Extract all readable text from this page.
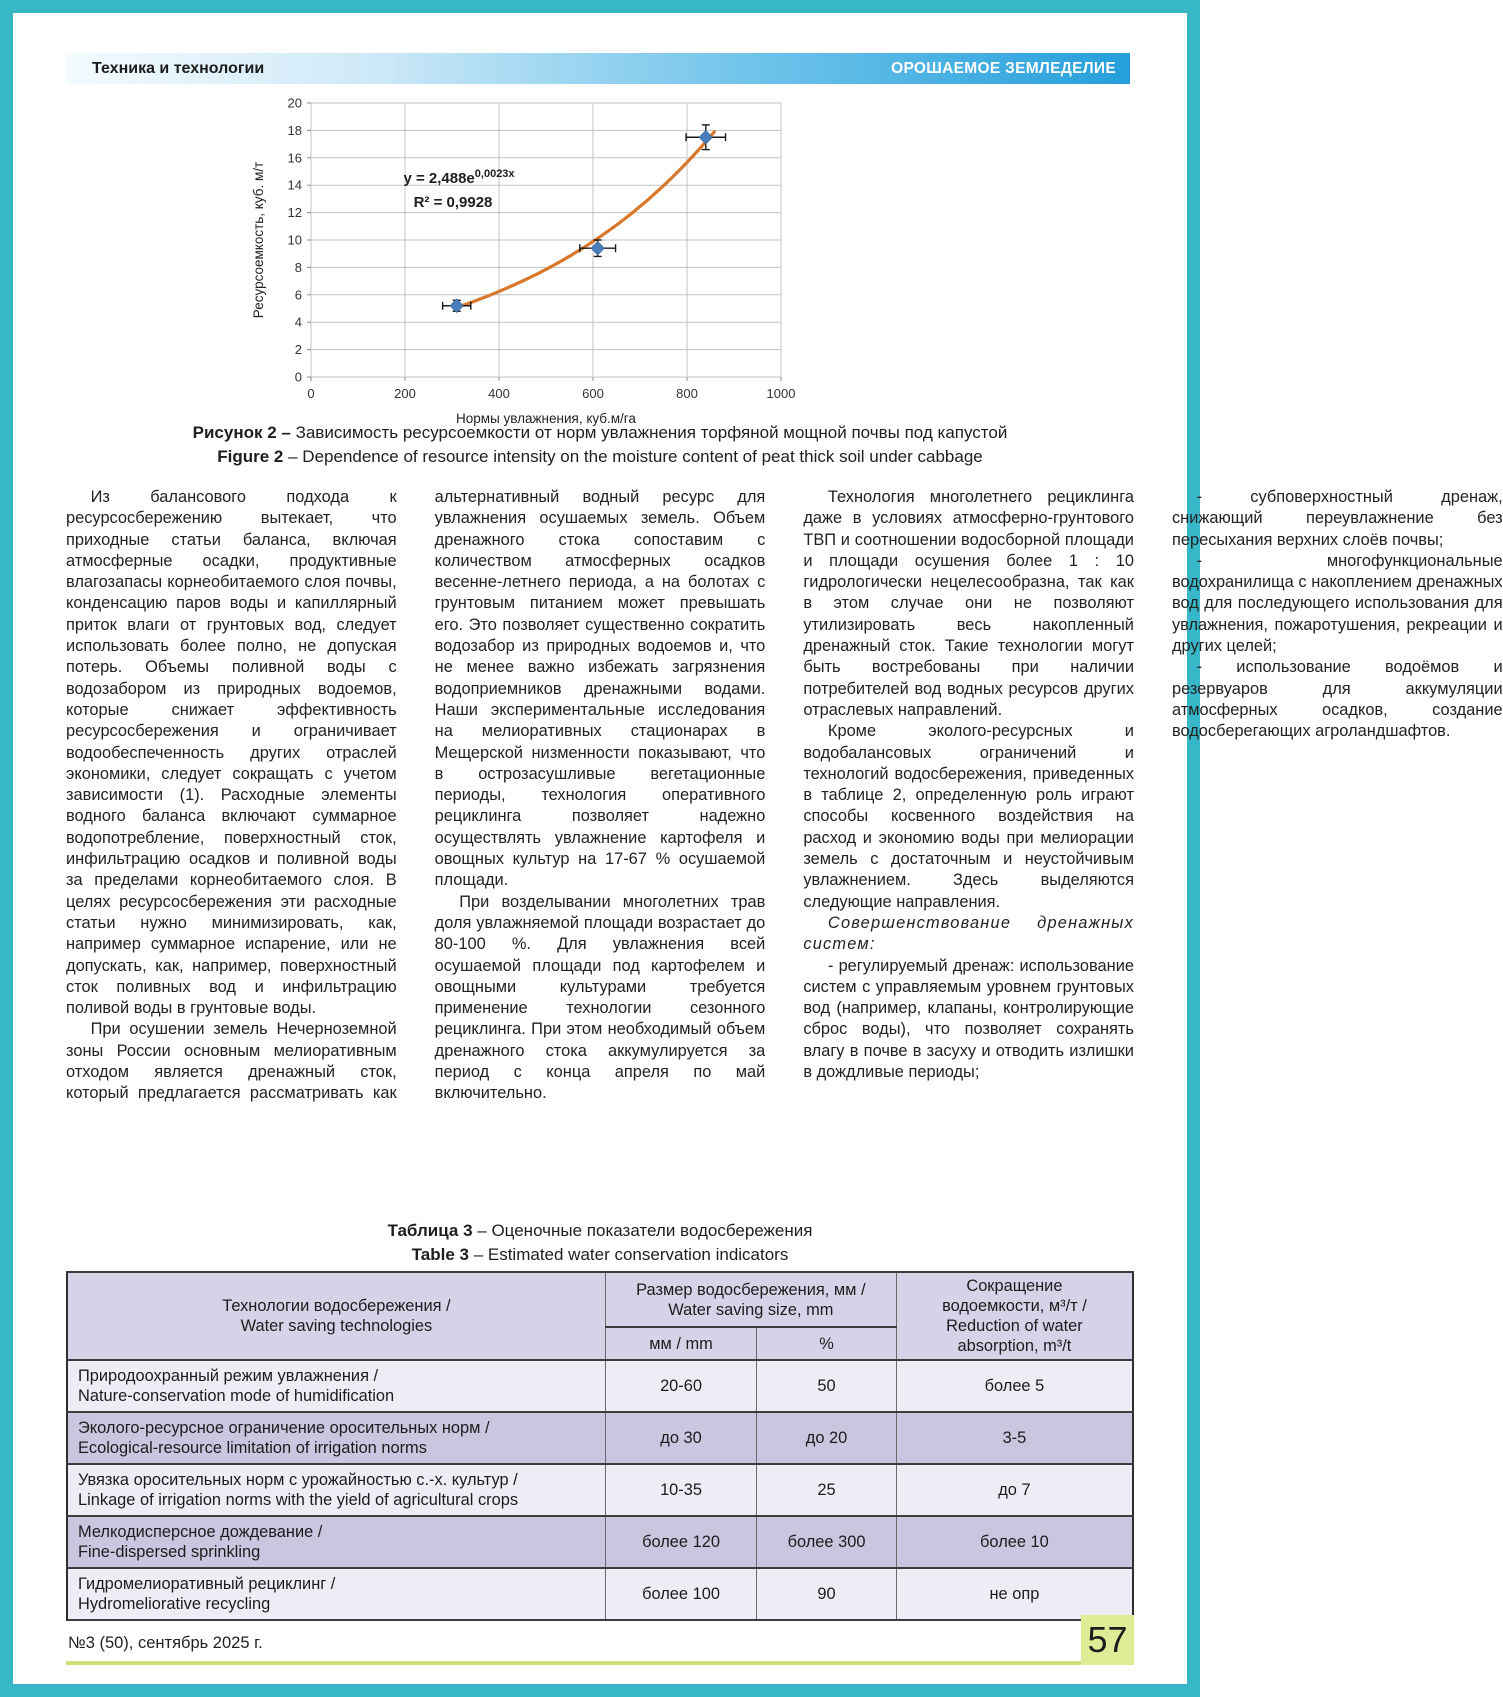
Техника и технологии	ОРОШАЕМОЕ ЗЕМЛЕДЕЛИЕ
0
2
4
6
8
10
12
14
16
18
20
0	200	400	600	800	1000
Ресурсоемкость, куб. м/т
Нормы увлажнения, куб.м/га
$y = 2,488e^{0,0023x}$
R² = 0,9928
Рисунок 2 – Зависимость ресурсоемкости от норм увлажнения торфяной мощной почвы под капустой
Figure 2 – Dependence of resource intensity on the moisture content of peat thick soil under cabbage

Из балансового подхода к ресурсосбережению вытекает, что приходные статьи баланса, включая атмосферные осадки, продуктивные влагозапасы корнеобитаемого слоя почвы, конденсацию паров воды и капиллярный приток влаги от грунтовых вод, следует использовать более полно, не допуская потерь. Объемы поливной воды с водозабором из природных водоемов, которые снижает эффективность ресурсосбережения и ограничивает водообеспеченность других отраслей экономики, следует сокращать с учетом зависимости (1). Расходные элементы водного баланса включают суммарное водопотребление, поверхностный сток, инфильтрацию осадков и поливной воды за пределами корнеобитаемого слоя. В целях ресурсосбережения эти расходные статьи нужно минимизировать, как, например суммарное испарение, или не допускать, как, например, поверхностный сток поливных вод и инфильтрацию поливой воды в грунтовые воды.

При осушении земель Нечерноземной зоны России основным мелиоративным отходом является дренажный сток, который предлагается рассматривать как альтернативный водный ресурс для увлажнения осушаемых земель. Объем дренажного стока сопоставим с количеством атмосферных осадков весенне-летнего периода, а на болотах с грунтовым питанием может превышать его. Это позволяет существенно сократить водозабор из природных водоемов и, что не менее важно избежать загрязнения водоприемников дренажными водами. Наши экспериментальные исследования на мелиоративных стационарах в Мещерской низменности показывают, что в острозасушливые вегетационные периоды, технология оперативного рециклинга позволяет надежно осуществлять увлажнение картофеля и овощных культур на 17-67 % осушаемой площади.

При возделывании многолетних трав доля увлажняемой площади возрастает до 80-100 %. Для увлажнения всей осушаемой площади под картофелем и овощными культурами требуется применение технологии сезонного рециклинга. При этом необходимый объем дренажного стока аккумулируется за период с конца апреля по май включительно.

Технология многолетнего рециклинга даже в условиях атмосферно-грунтового ТВП и соотношении водосборной площади и площади осушения более 1 : 10 гидрологически нецелесообразна, так как в этом случае они не позволяют утилизировать весь накопленный дренажный сток. Такие технологии могут быть востребованы при наличии потребителей вод водных ресурсов других отраслевых направлений.

Кроме эколого-ресурсных и водобалансовых ограничений и технологий водосбережения, приведенных в таблице 2, определенную роль играют способы косвенного воздействия на расход и экономию воды при мелиорации земель с достаточным и неустойчивым увлажнением. Здесь выделяются следующие направления.

Совершенствование дренажных систем:

- регулируемый дренаж: использование систем с управляемым уровнем грунтовых вод (например, клапаны, контролирующие сброс воды), что позволяет сохранять влагу в почве в засуху и отводить излишки в дождливые периоды;

- субповерхностный дренаж, снижающий переувлажнение без пересыхания верхних слоёв почвы;

- многофункциональные водохранилища с накоплением дренажных вод для последующего использования для увлажнения, пожаротушения, рекреации и других целей;

- использование водоёмов и резервуаров для аккумуляции атмосферных осадков, создание водосберегающих агроландшафтов.

Таблица 3 – Оценочные показатели водосбережения
Table 3 – Estimated water conservation indicators
Технологии водосбережения /
Water saving technologies	Размер водосбережения, мм /
Water saving size, mm		Сокращение
водоемкости, м³/т /
Reduction of water
absorption, m³/t
	мм / mm	%	
Природоохранный режим увлажнения /
Nature-conservation mode of humidification	20-60	50	более 5
Эколого-ресурсное ограничение оросительных норм /
Ecological-resource limitation of irrigation norms	до 30	до 20	3-5
Увязка оросительных норм с урожайностью с.-х. культур /
Linkage of irrigation norms with the yield of agricultural crops	10-35	25	до 7
Мелкодисперсное дождевание /
Fine-dispersed sprinkling	более 120	более 300	более 10
Гидромелиоративный рециклинг /
Hydromeliorative recycling	более 100	90	не опр
№3 (50), сентябрь 2025 г.	57
